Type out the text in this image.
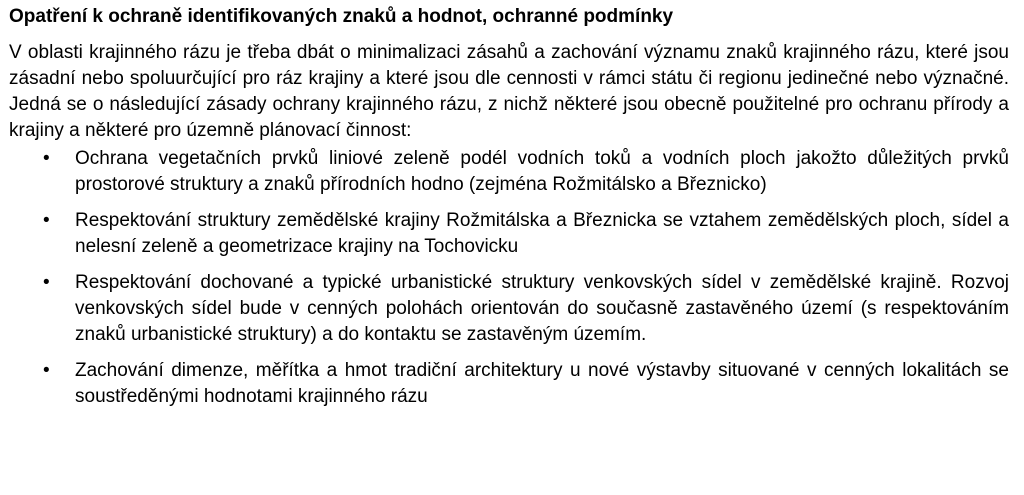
Opatření k ochraně identifikovaných znaků a hodnot, ochranné podmínky

V oblasti krajinného rázu je třeba dbát o minimalizaci zásahů a zachování významu znaků krajinného rázu, které jsou zásadní nebo spoluurčující pro ráz krajiny a které jsou dle cennosti v rámci státu či regionu jedinečné nebo význačné. Jedná se o následující zásady ochrany krajinného rázu, z nichž některé jsou obecně použitelné pro ochranu přírody a krajiny a některé pro územně plánovací činnost:

• Ochrana vegetačních prvků liniové zeleně podél vodních toků a vodních ploch jakožto důležitých prvků prostorové struktury a znaků přírodních hodno (zejména Rožmitálsko a Březnicko)
• Respektování struktury zemědělské krajiny Rožmitálska a Březnicka se vztahem zemědělských ploch, sídel a nelesní zeleně a geometrizace krajiny na Tochovicku
• Respektování dochované a typické urbanistické struktury venkovských sídel v zemědělské krajině. Rozvoj venkovských sídel bude v cenných polohách orientován do současně zastavěného území (s respektováním znaků urbanistické struktury) a do kontaktu se zastavěným územím.
• Zachování dimenze, měřítka a hmot tradiční architektury u nové výstavby situované v cenných lokalitách se soustředěnými hodnotami krajinného rázu
